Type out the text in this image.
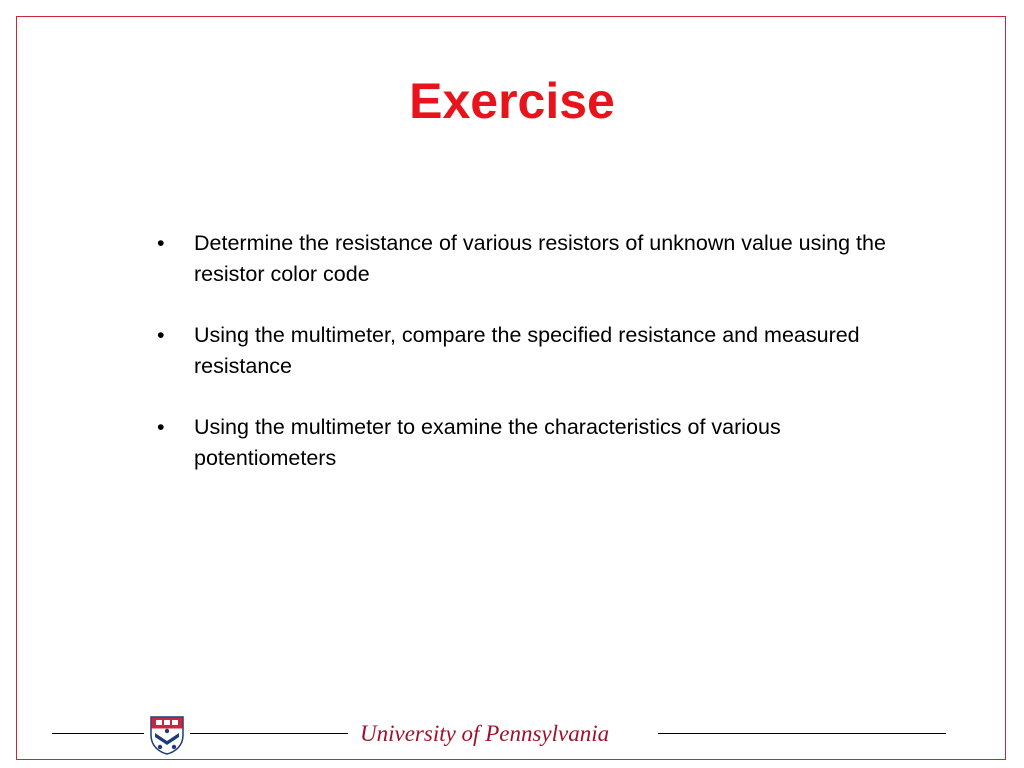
Exercise
• Determine the resistance of various resistors of unknown value using the resistor color code
• Using the multimeter, compare the specified resistance and measured resistance
• Using the multimeter to examine the characteristics of various potentiometers
University of Pennsylvania
